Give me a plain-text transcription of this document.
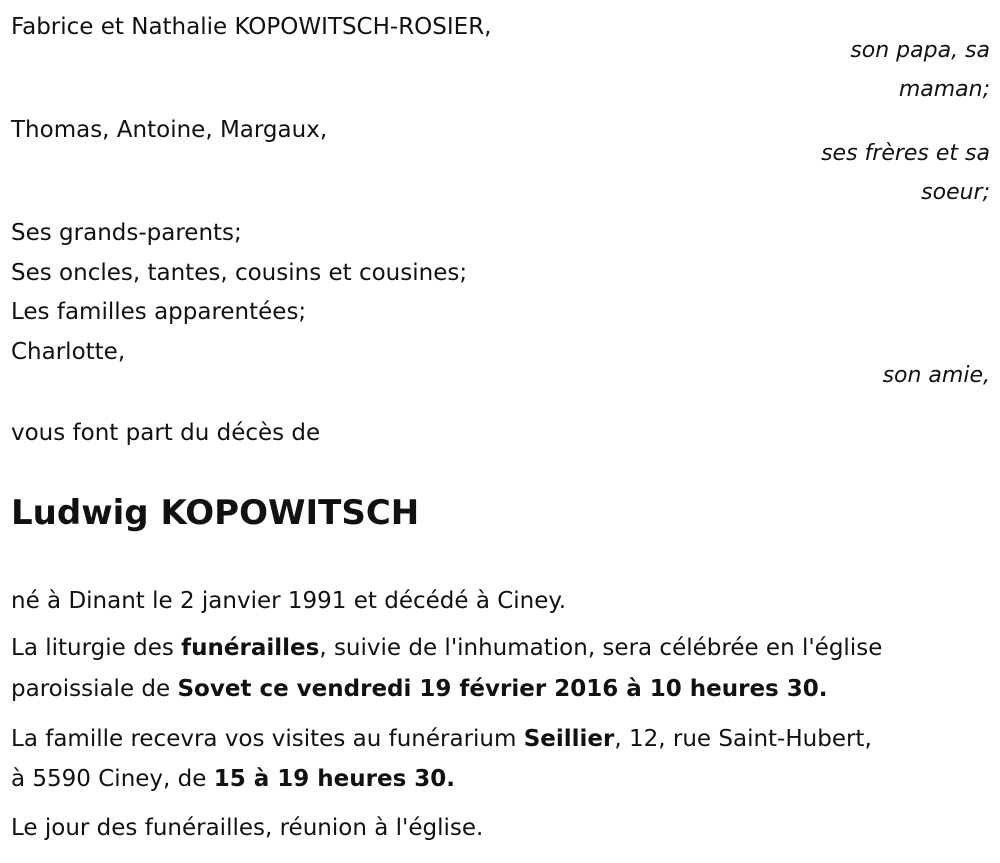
Fabrice et Nathalie KOPOWITSCH-ROSIER,
son papa, sa
maman;
Thomas, Antoine, Margaux,
ses frères et sa
soeur;
Ses grands-parents;
Ses oncles, tantes, cousins et cousines;
Les familles apparentées;
Charlotte,
son amie,
vous font part du décès de
Ludwig KOPOWITSCH
né à Dinant le 2 janvier 1991 et décédé à Ciney.
La liturgie des funérailles, suivie de l'inhumation, sera célébrée en l'église
paroissiale de Sovet ce vendredi 19 février 2016 à 10 heures 30.
La famille recevra vos visites au funérarium Seillier, 12, rue Saint-Hubert,
à 5590 Ciney, de 15 à 19 heures 30.
Le jour des funérailles, réunion à l'église.
